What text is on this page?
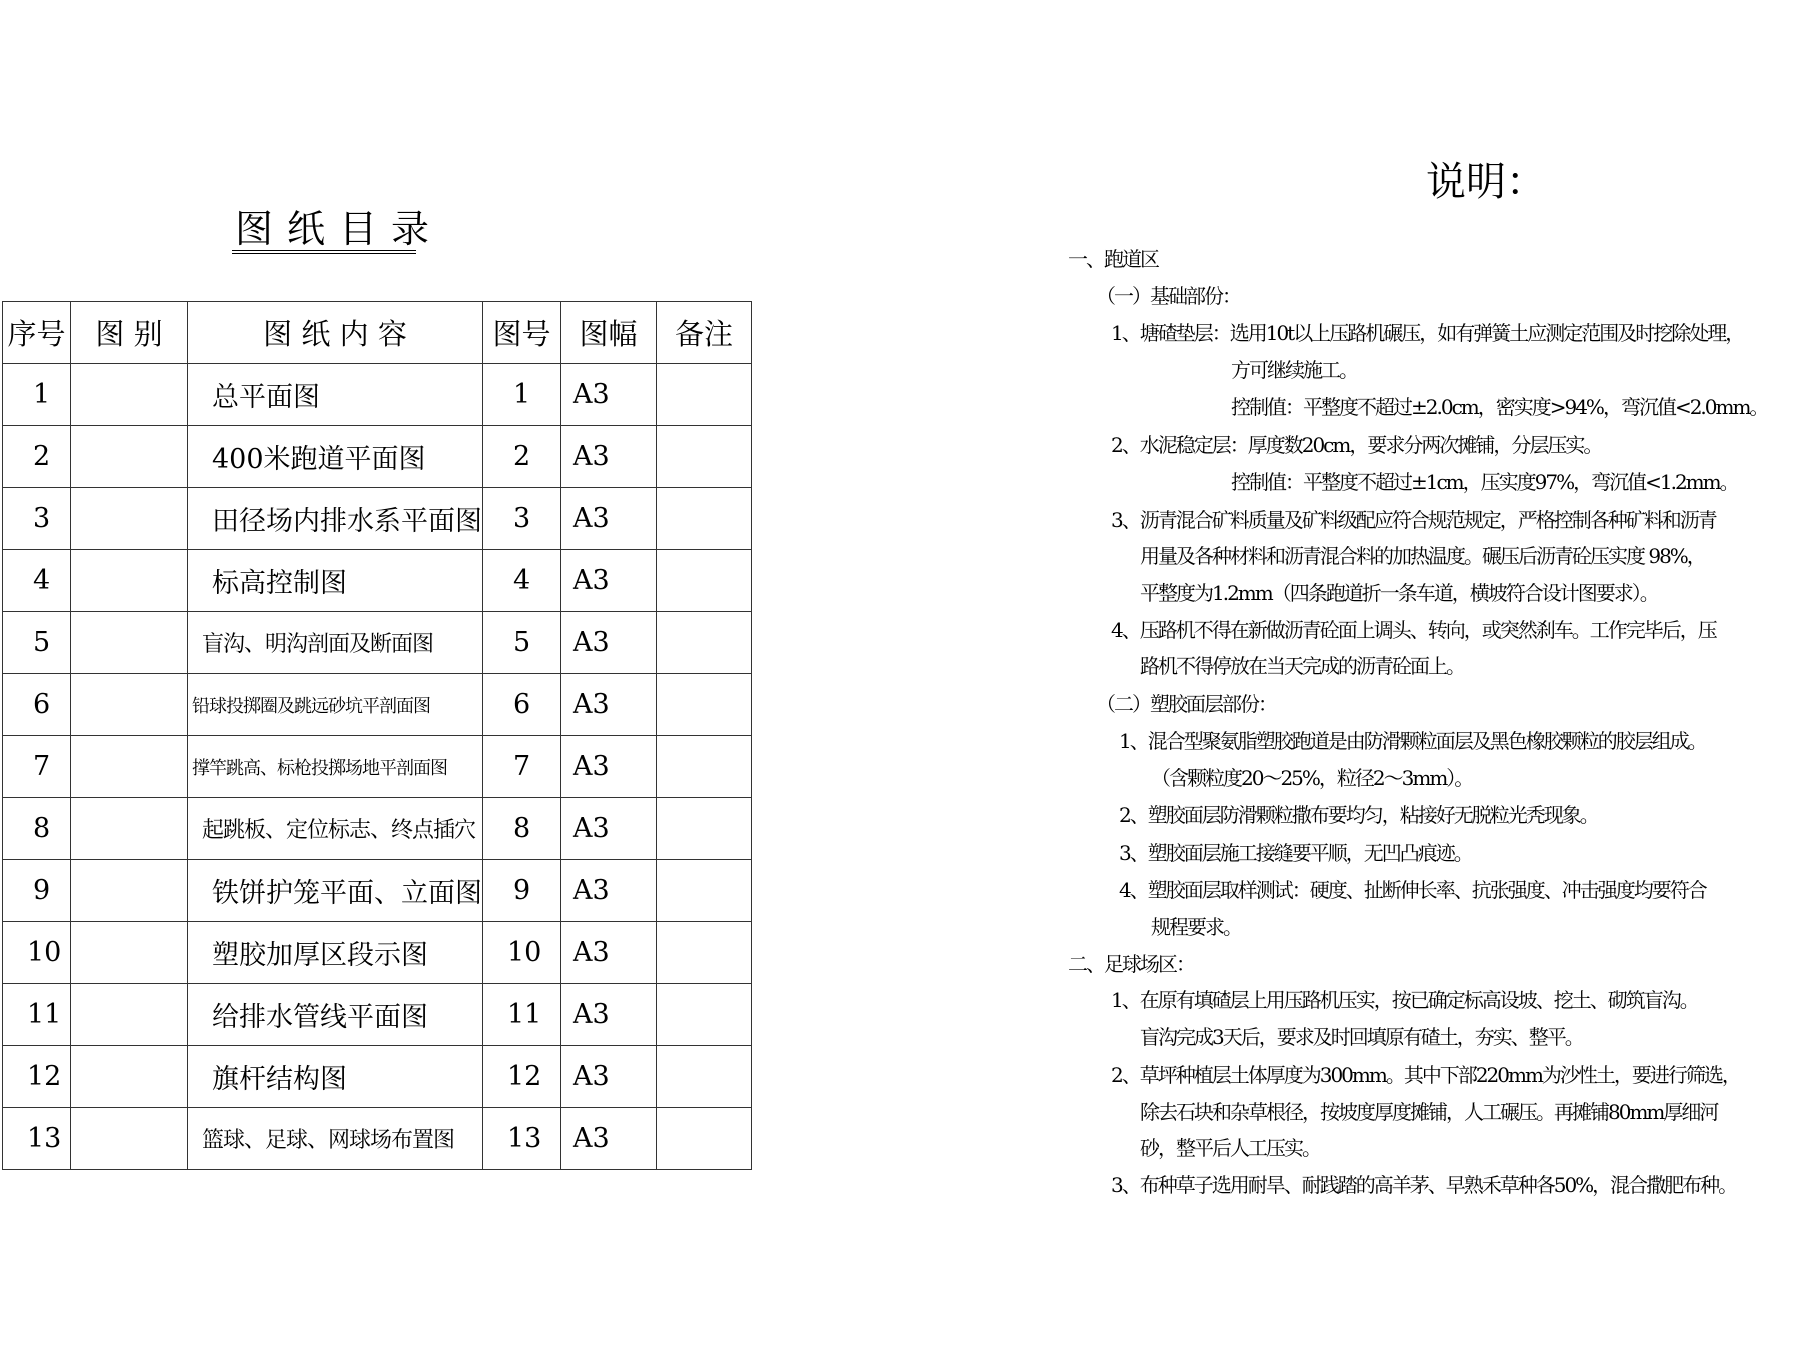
图纸目录
序号	图 别	图 纸 内 容	图号	图幅	备注
1		总平面图	1	A3	
2		400米跑道平面图	2	A3	
3		田径场内排水系平面图	3	A3	
4		标高控制图	4	A3	
5		盲沟、明沟剖面及断面图	5	A3	
6		铅球投掷圈及跳远砂坑平剖面图	6	A3	
7		撑竿跳高、标枪投掷场地平剖面图	7	A3	
8		起跳板、定位标志、终点插穴	8	A3	
9		铁饼护笼平面、立面图	9	A3	
10		塑胶加厚区段示图	10	A3	
11		给排水管线平面图	11	A3	
12		旗杆结构图	12	A3	
13		篮球、足球、网球场布置图	13	A3	
说明：
一、跑道区
（一）基础部份：
1、塘碴垫层：选用10t以上压路机碾压，如有弹簧土应测定范围及时挖除处理，
方可继续施工。
控制值：平整度不超过±2.0cm，密实度>94%，弯沉值<2.0mm。
2、水泥稳定层：厚度数20cm，要求分两次摊铺，分层压实。
控制值：平整度不超过±1cm，压实度97%，弯沉值<1.2mm。
3、沥青混合矿料质量及矿料级配应符合规范规定，严格控制各种矿料和沥青
用量及各种材料和沥青混合料的加热温度。碾压后沥青砼压实度 98%，
平整度为1.2mm（四条跑道折一条车道，横坡符合设计图要求）。
4、压路机不得在新做沥青砼面上调头、转向，或突然刹车。工作完毕后，压
路机不得停放在当天完成的沥青砼面上。
（二）塑胶面层部份：
1、混合型聚氨脂塑胶跑道是由防滑颗粒面层及黑色橡胶颗粒的胶层组成。
（含颗粒度20～25%，粒径2～3mm）。
2、塑胶面层防滑颗粒撒布要均匀，粘接好无脱粒光秃现象。
3、塑胶面层施工接缝要平顺，无凹凸痕迹。
4、塑胶面层取样测试：硬度、扯断伸长率、抗张强度、冲击强度均要符合
规程要求。
二、足球场区：
1、在原有填碴层上用压路机压实，按已确定标高设坡、挖土、砌筑盲沟。
盲沟完成3天后，要求及时回填原有碴土，夯实、整平。
2、草坪种植层土体厚度为300mm。其中下部220mm为沙性土，要进行筛选，
除去石块和杂草根径，按坡度厚度摊铺，人工碾压。再摊铺80mm厚细河
砂，整平后人工压实。
3、布种草子选用耐旱、耐践踏的高羊茅、早熟禾草种各50%，混合撒肥布种。
